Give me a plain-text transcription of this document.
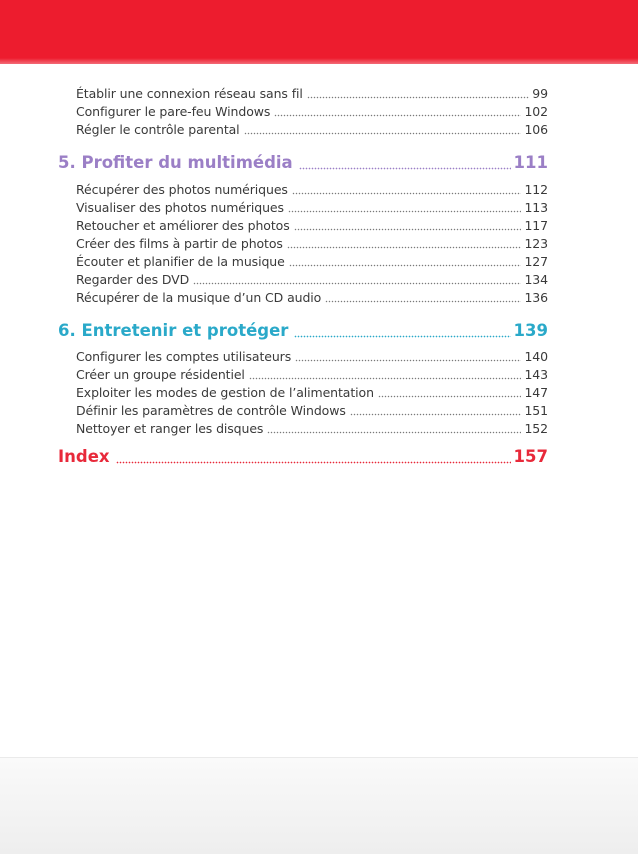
Établir une connexion réseau sans fil	99
Configurer le pare-feu Windows	102
Régler le contrôle parental	106
5. Profiter du multimédia	111
Récupérer des photos numériques	112
Visualiser des photos numériques	113
Retoucher et améliorer des photos	117
Créer des films à partir de photos	123
Écouter et planifier de la musique	127
Regarder des DVD	134
Récupérer de la musique d’un CD audio	136
6. Entretenir et protéger	139
Configurer les comptes utilisateurs	140
Créer un groupe résidentiel	143
Exploiter les modes de gestion de l’alimentation	147
Définir les paramètres de contrôle Windows	151
Nettoyer et ranger les disques	152
Index	157
